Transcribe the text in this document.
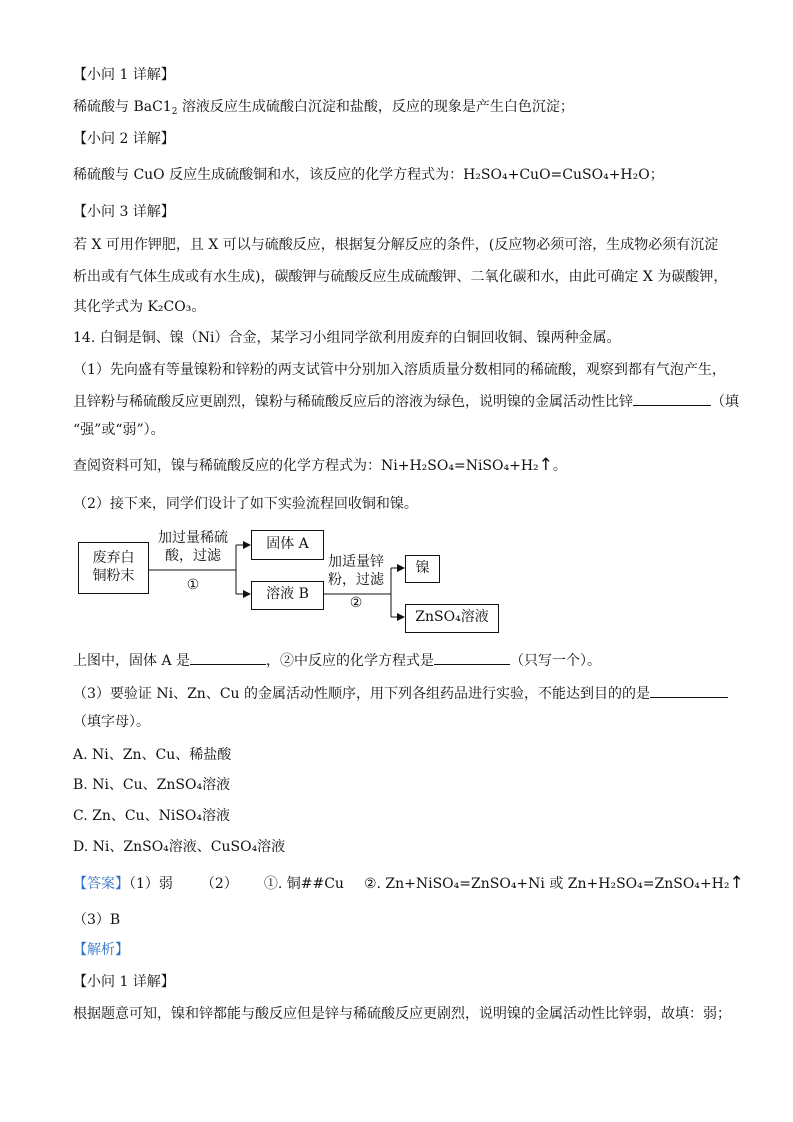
【小问 1 详解】
稀硫酸与 $BaC1_2$ 溶液反应生成硫酸白沉淀和盐酸，反应的现象是产生白色沉淀；
【小问 2 详解】
稀硫酸与 CuO 反应生成硫酸铜和水，该反应的化学方程式为：H₂SO₄+CuO=CuSO₄+H₂O；
【小问 3 详解】
若 X 可用作钾肥，且 X 可以与硫酸反应，根据复分解反应的条件，(反应物必须可溶，生成物必须有沉淀
析出或有气体生成或有水生成)，碳酸钾与硫酸反应生成硫酸钾、二氧化碳和水，由此可确定 X 为碳酸钾，
其化学式为 K₂CO₃。
14. 白铜是铜、镍（Ni）合金，某学习小组同学欲利用废弃的白铜回收铜、镍两种金属。
（1）先向盛有等量镍粉和锌粉的两支试管中分别加入溶质质量分数相同的稀硫酸，观察到都有气泡产生，
且锌粉与稀硫酸反应更剧烈，镍粉与稀硫酸反应后的溶液为绿色，说明镍的金属活动性比锌	（填
“强”或“弱”）。
查阅资料可知，镍与稀硫酸反应的化学方程式为：Ni+H₂SO₄=NiSO₄+H₂↑。
（2）接下来，同学们设计了如下实验流程回收铜和镍。
废弃白
铜粉末
加过量稀硫
酸，过滤
①
固体 A
溶液 B
加适量锌
粉，过滤
②
镍
ZnSO₄溶液
上图中，固体 A 是	，②中反应的化学方程式是	（只写一个）。
（3）要验证 Ni、Zn、Cu 的金属活动性顺序，用下列各组药品进行实验，不能达到目的的是
（填字母）。
A. Ni、Zn、Cu、稀盐酸
B. Ni、Cu、ZnSO₄溶液
C. Zn、Cu、NiSO₄溶液
D. Ni、ZnSO₄溶液、CuSO₄溶液
【答案】（1）弱 （2） ①. 铜##Cu ②. Zn+NiSO₄=ZnSO₄+Ni 或 Zn+H₂SO₄=ZnSO₄+H₂↑
（3）B
【解析】
【小问 1 详解】
根据题意可知，镍和锌都能与酸反应但是锌与稀硫酸反应更剧烈，说明镍的金属活动性比锌弱，故填：弱；
